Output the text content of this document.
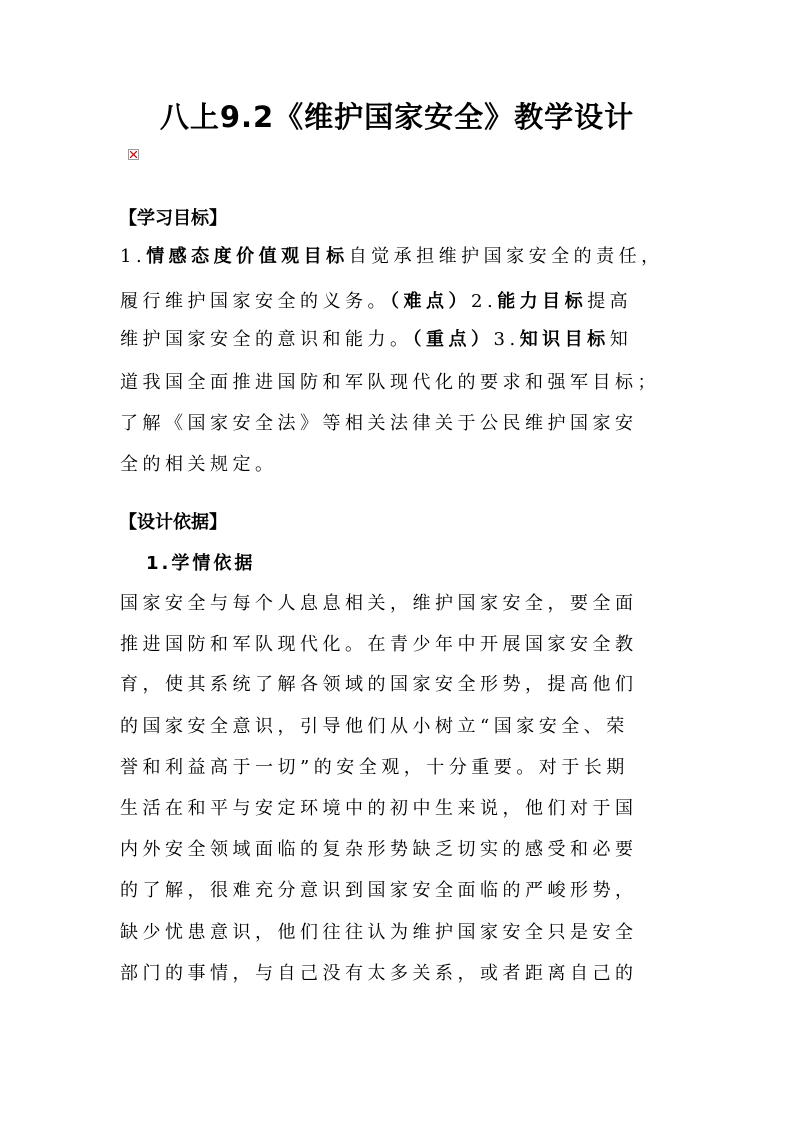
八上9.2《维护国家安全》教学设计
【学习目标】
1.情感态度价值观目标自觉承担维护国家安全的责任，
履行维护国家安全的义务。（难点）2.能力目标提高
维护国家安全的意识和能力。（重点）3.知识目标知
道我国全面推进国防和军队现代化的要求和强军目标；
了解《国家安全法》等相关法律关于公民维护国家安
全的相关规定。
【设计依据】
1.学情依据
国家安全与每个人息息相关，维护国家安全，要全面
推进国防和军队现代化。在青少年中开展国家安全教
育，使其系统了解各领域的国家安全形势，提高他们
的国家安全意识，引导他们从小树立“国家安全、荣
誉和利益高于一切”的安全观，十分重要。对于长期
生活在和平与安定环境中的初中生来说，他们对于国
内外安全领域面临的复杂形势缺乏切实的感受和必要
的了解，很难充分意识到国家安全面临的严峻形势，
缺少忧患意识，他们往往认为维护国家安全只是安全
部门的事情，与自己没有太多关系，或者距离自己的
